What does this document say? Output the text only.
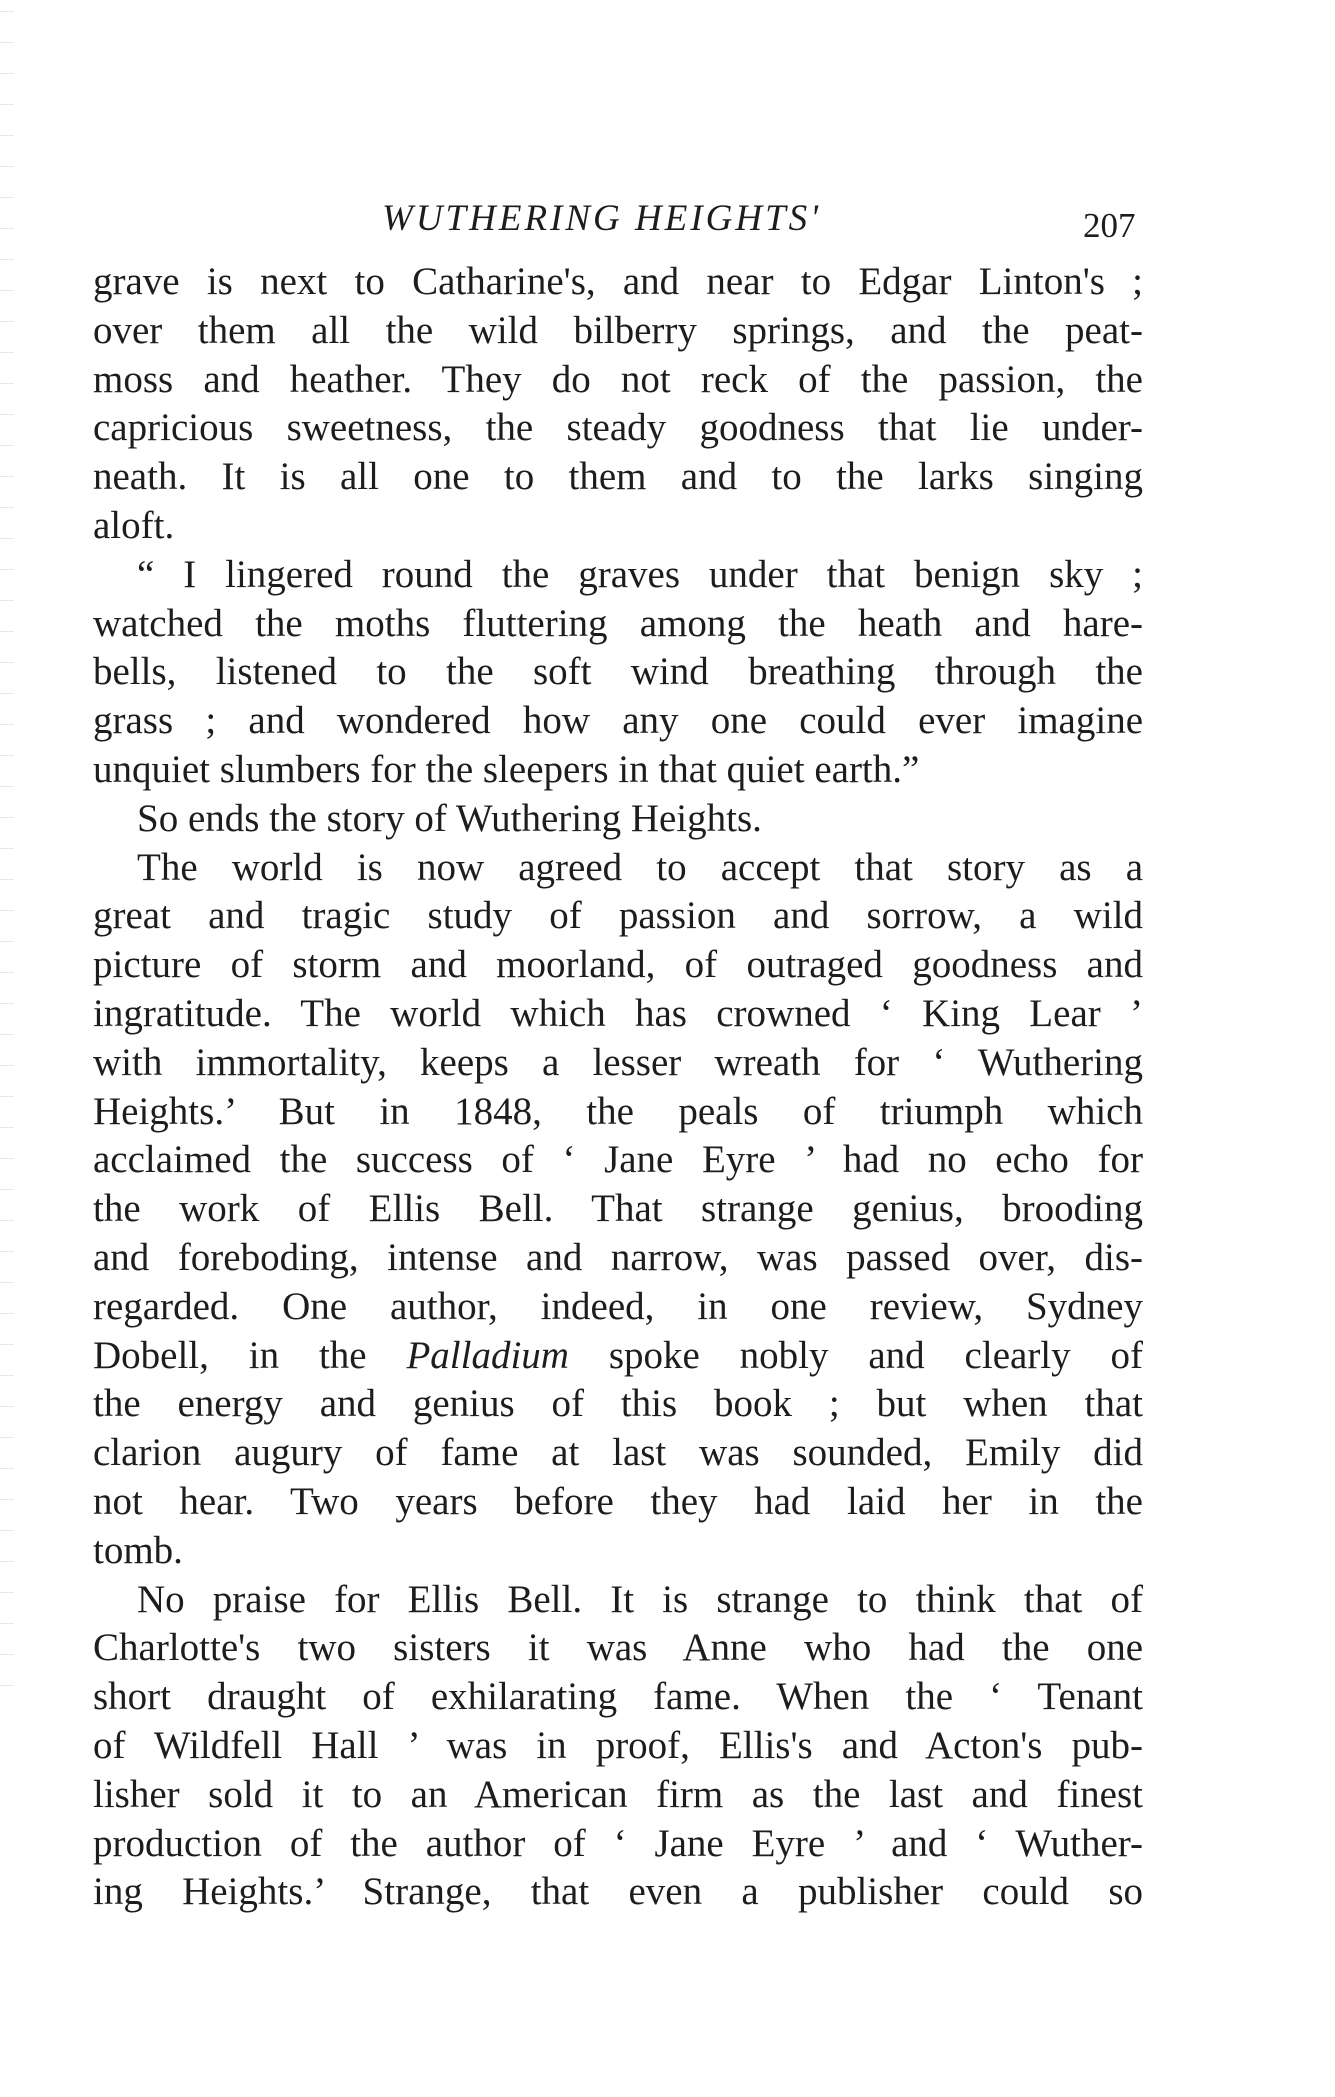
WUTHERING HEIGHTS'	207
grave is next to Catharine's, and near to Edgar Linton's ;
over them all the wild bilberry springs, and the peat-
moss and heather. They do not reck of the passion, the
capricious sweetness, the steady goodness that lie under-
neath. It is all one to them and to the larks singing
aloft.
“ I lingered round the graves under that benign sky ;
watched the moths fluttering among the heath and hare-
bells, listened to the soft wind breathing through the
grass ; and wondered how any one could ever imagine
unquiet slumbers for the sleepers in that quiet earth.”
So ends the story of Wuthering Heights.
The world is now agreed to accept that story as a
great and tragic study of passion and sorrow, a wild
picture of storm and moorland, of outraged goodness and
ingratitude. The world which has crowned ‘ King Lear ’
with immortality, keeps a lesser wreath for ‘ Wuthering
Heights.’ But in 1848, the peals of triumph which
acclaimed the success of ‘ Jane Eyre ’ had no echo for
the work of Ellis Bell. That strange genius, brooding
and foreboding, intense and narrow, was passed over, dis-
regarded. One author, indeed, in one review, Sydney
Dobell, in the Palladium spoke nobly and clearly of
the energy and genius of this book ; but when that
clarion augury of fame at last was sounded, Emily did
not hear. Two years before they had laid her in the
tomb.
No praise for Ellis Bell. It is strange to think that of
Charlotte's two sisters it was Anne who had the one
short draught of exhilarating fame. When the ‘ Tenant
of Wildfell Hall ’ was in proof, Ellis's and Acton's pub-
lisher sold it to an American firm as the last and finest
production of the author of ‘ Jane Eyre ’ and ‘ Wuther-
ing Heights.’ Strange, that even a publisher could so
